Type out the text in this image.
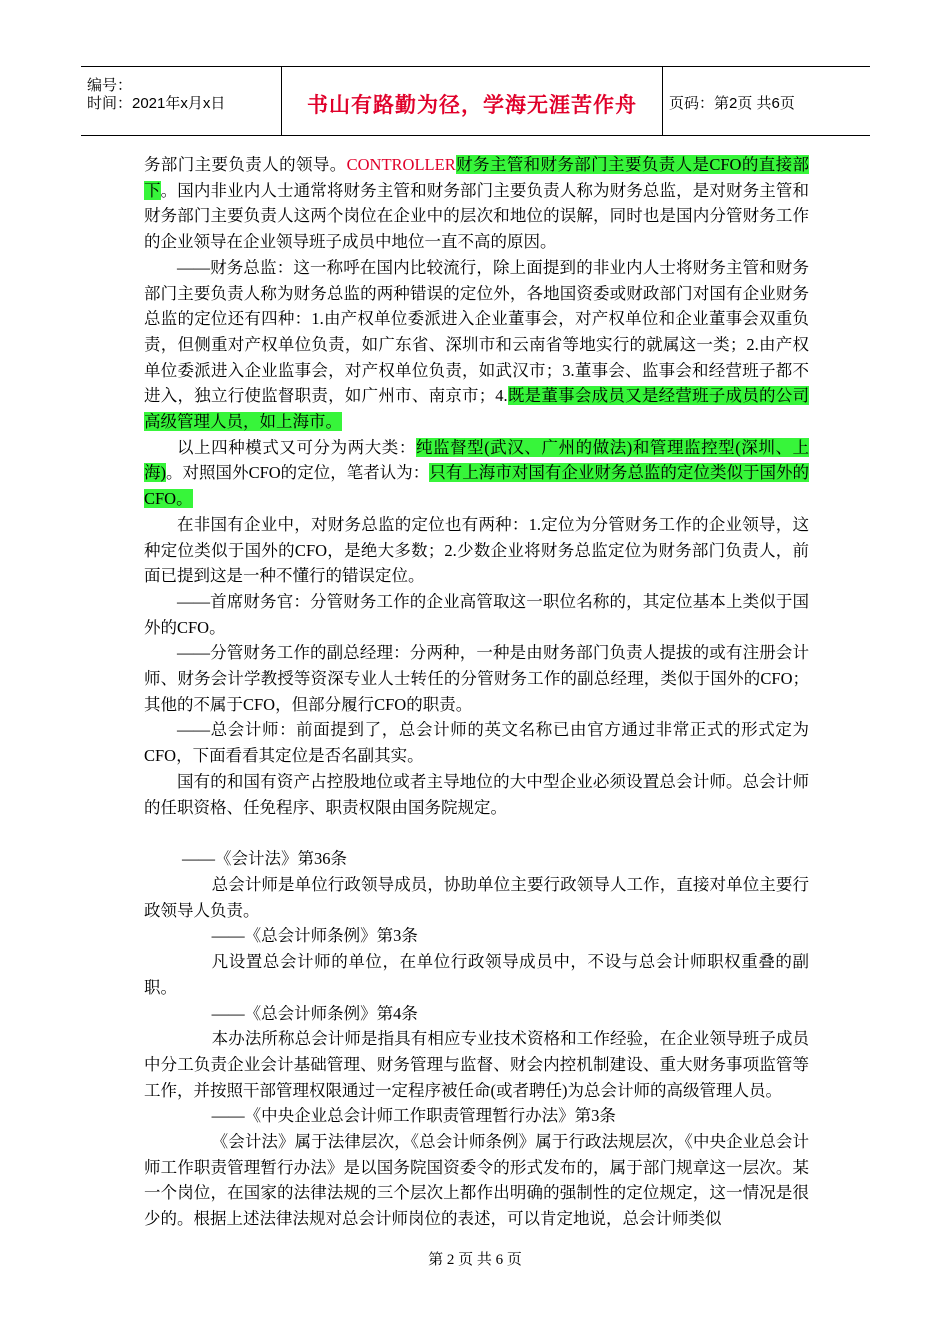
编号：
时间：2021年x月x日	书山有路勤为径，学海无涯苦作舟	页码：第2页 共6页

务部门主要负责人的领导。CONTROLLER财务主管和财务部门主要负责人是CFO的直接部下。国内非业内人士通常将财务主管和财务部门主要负责人称为财务总监，是对财务主管和财务部门主要负责人这两个岗位在企业中的层次和地位的误解，同时也是国内分管财务工作的企业领导在企业领导班子成员中地位一直不高的原因。

——财务总监：这一称呼在国内比较流行，除上面提到的非业内人士将财务主管和财务部门主要负责人称为财务总监的两种错误的定位外，各地国资委或财政部门对国有企业财务总监的定位还有四种：1.由产权单位委派进入企业董事会，对产权单位和企业董事会双重负责，但侧重对产权单位负责，如广东省、深圳市和云南省等地实行的就属这一类；2.由产权单位委派进入企业监事会，对产权单位负责，如武汉市；3.董事会、监事会和经营班子都不进入，独立行使监督职责，如广州市、南京市；4.既是董事会成员又是经营班子成员的公司高级管理人员，如上海市。

以上四种模式又可分为两大类：纯监督型(武汉、广州的做法)和管理监控型(深圳、上海)。对照国外CFO的定位，笔者认为：只有上海市对国有企业财务总监的定位类似于国外的CFO。

在非国有企业中，对财务总监的定位也有两种：1.定位为分管财务工作的企业领导，这种定位类似于国外的CFO，是绝大多数；2.少数企业将财务总监定位为财务部门负责人，前面已提到这是一种不懂行的错误定位。

——首席财务官：分管财务工作的企业高管取这一职位名称的，其定位基本上类似于国外的CFO。

——分管财务工作的副总经理：分两种，一种是由财务部门负责人提拔的或有注册会计师、财务会计学教授等资深专业人士转任的分管财务工作的副总经理，类似于国外的CFO；其他的不属于CFO，但部分履行CFO的职责。

——总会计师：前面提到了，总会计师的英文名称已由官方通过非常正式的形式定为CFO，下面看看其定位是否名副其实。

国有的和国有资产占控股地位或者主导地位的大中型企业必须设置总会计师。总会计师的任职资格、任免程序、职责权限由国务院规定。

——《会计法》第36条

总会计师是单位行政领导成员，协助单位主要行政领导人工作，直接对单位主要行政领导人负责。

——《总会计师条例》第3条

凡设置总会计师的单位，在单位行政领导成员中，不设与总会计师职权重叠的副职。

——《总会计师条例》第4条

本办法所称总会计师是指具有相应专业技术资格和工作经验，在企业领导班子成员中分工负责企业会计基础管理、财务管理与监督、财会内控机制建设、重大财务事项监管等工作，并按照干部管理权限通过一定程序被任命(或者聘任)为总会计师的高级管理人员。

——《中央企业总会计师工作职责管理暂行办法》第3条

《会计法》属于法律层次，《总会计师条例》属于行政法规层次，《中央企业总会计师工作职责管理暂行办法》是以国务院国资委令的形式发布的，属于部门规章这一层次。某一个岗位，在国家的法律法规的三个层次上都作出明确的强制性的定位规定，这一情况是很少的。根据上述法律法规对总会计师岗位的表述，可以肯定地说，总会计师类似

第 2 页 共 6 页
